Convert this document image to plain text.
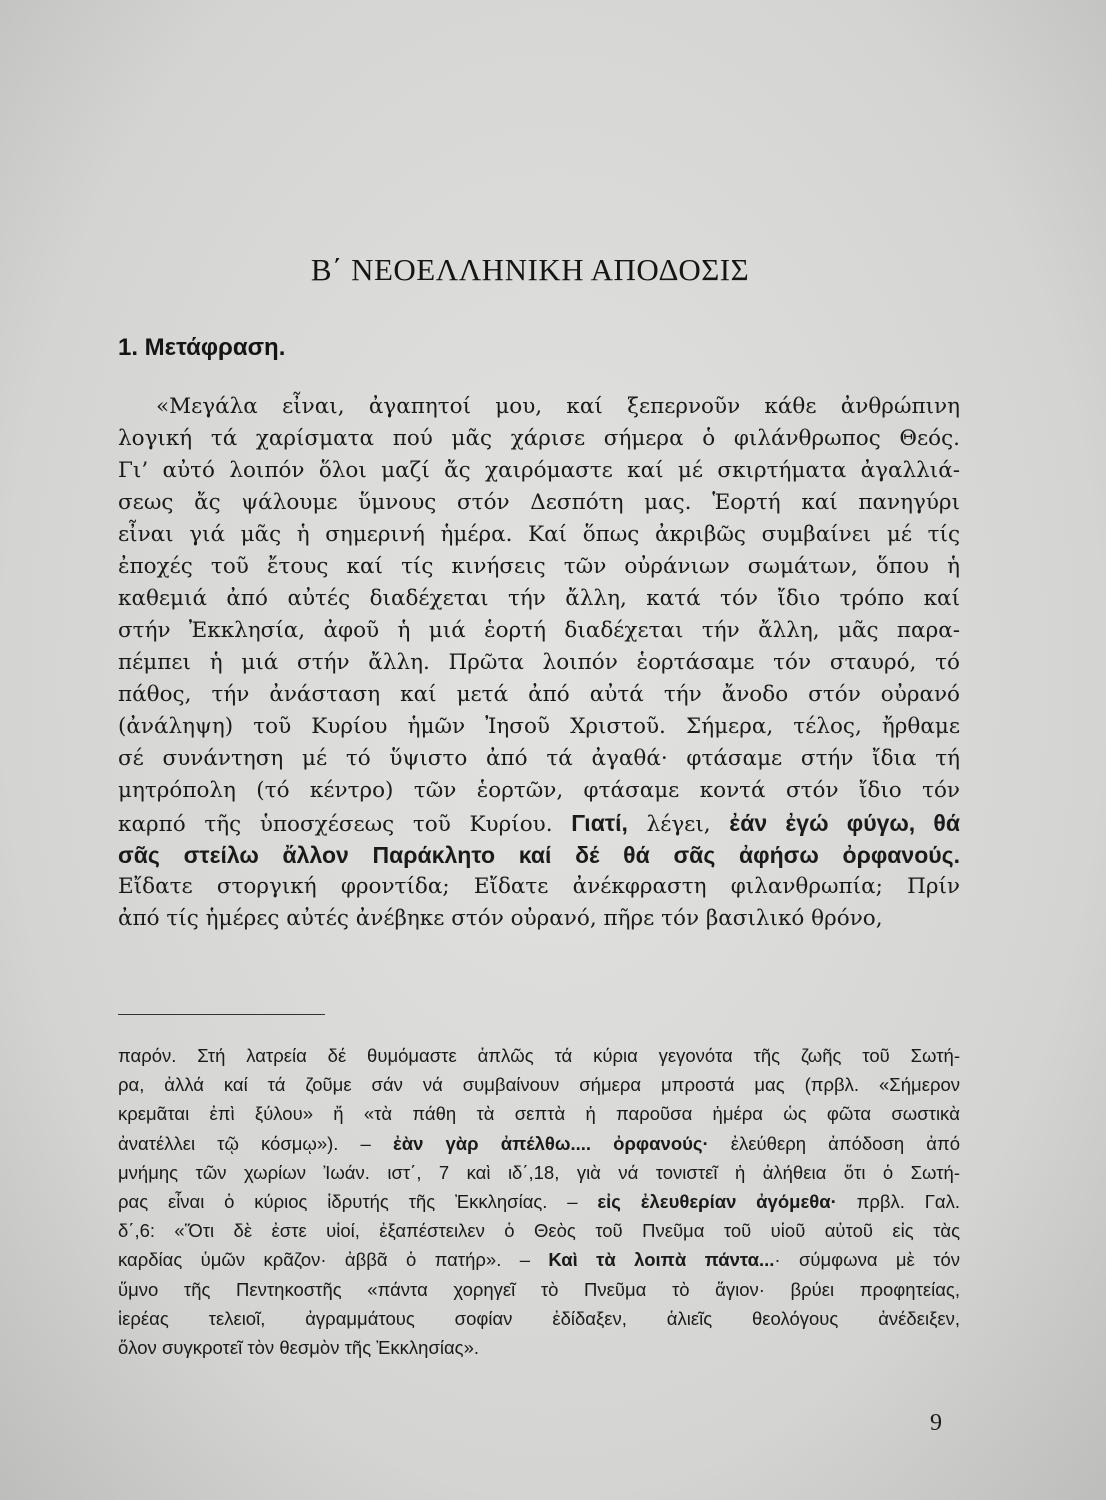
Β΄ ΝΕΟΕΛΛΗΝΙΚΗ ΑΠΟΔΟΣΙΣ
1. Μετάφραση.
«Μεγάλα εἶναι, ἀγαπητοί μου, καί ξεπερνοῦν κάθε ἀνθρώπινη
λογική τά χαρίσματα πού μᾶς χάρισε σήμερα ὁ φιλάνθρωπος Θεός.
Γι’ αὐτό λοιπόν ὅλοι μαζί ἄς χαιρόμαστε καί μέ σκιρτήματα ἀγαλλιά-
σεως ἄς ψάλουμε ὕμνους στόν Δεσπότη μας. Ἑορτή καί πανηγύρι
εἶναι γιά μᾶς ἡ σημερινή ἡμέρα. Καί ὅπως ἀκριβῶς συμβαίνει μέ τίς
ἐποχές τοῦ ἔτους καί τίς κινήσεις τῶν οὐράνιων σωμάτων, ὅπου ἡ
καθεμιά ἀπό αὐτές διαδέχεται τήν ἄλλη, κατά τόν ἴδιο τρόπο καί
στήν Ἐκκλησία, ἀφοῦ ἡ μιά ἑορτή διαδέχεται τήν ἄλλη, μᾶς παρα-
πέμπει ἡ μιά στήν ἄλλη. Πρῶτα λοιπόν ἑορτάσαμε τόν σταυρό, τό
πάθος, τήν ἀνάσταση καί μετά ἀπό αὐτά τήν ἄνοδο στόν οὐρανό
(ἀνάληψη) τοῦ Κυρίου ἡμῶν Ἰησοῦ Χριστοῦ. Σήμερα, τέλος, ἤρθαμε
σέ συνάντηση μέ τό ὕψιστο ἀπό τά ἀγαθά· φτάσαμε στήν ἴδια τή
μητρόπολη (τό κέντρο) τῶν ἑορτῶν, φτάσαμε κοντά στόν ἴδιο τόν
καρπό τῆς ὑποσχέσεως τοῦ Κυρίου. Γιατί, λέγει, ἐάν ἐγώ φύγω, θά
σᾶς στείλω ἄλλον Παράκλητο καί δέ θά σᾶς ἀφήσω ὀρφανούς.
Εἴδατε στοργική φροντίδα; Εἴδατε ἀνέκφραστη φιλανθρωπία; Πρίν
ἀπό τίς ἡμέρες αὐτές ἀνέβηκε στόν οὐρανό, πῆρε τόν βασιλικό θρόνο,
παρόν. Στή λατρεία δέ θυμόμαστε ἁπλῶς τά κύρια γεγονότα τῆς ζωῆς τοῦ Σωτή-
ρα, ἀλλά καί τά ζοῦμε σάν νά συμβαίνουν σήμερα μπροστά μας (πρβλ. «Σήμερον
κρεμᾶται ἐπὶ ξύλου» ἤ «τὰ πάθη τὰ σεπτὰ ἡ παροῦσα ἡμέρα ὡς φῶτα σωστικὰ
ἀνατέλλει τῷ κόσμῳ»). – ἐὰν γὰρ ἀπέλθω.... ὀρφανούς· ἐλεύθερη ἀπόδοση ἀπό
μνήμης τῶν χωρίων Ἰωάν. ιστ΄, 7 καὶ ιδ΄,18, γιὰ νά τονιστεῖ ἡ ἀλήθεια ὅτι ὁ Σωτή-
ρας εἶναι ὁ κύριος ἱδρυτής τῆς Ἐκκλησίας. – εἰς ἐλευθερίαν ἀγόμεθα· πρβλ. Γαλ.
δ΄,6: «Ὅτι δὲ ἐστε υἱοί, ἐξαπέστειλεν ὁ Θεὸς τοῦ Πνεῦμα τοῦ υἱοῦ αὐτοῦ εἰς τὰς
καρδίας ὑμῶν κρᾶζον· ἀββᾶ ὁ πατήρ». – Καὶ τὰ λοιπὰ πάντα...· σύμφωνα μὲ τόν
ὕμνο τῆς Πεντηκοστῆς «πάντα χορηγεῖ τὸ Πνεῦμα τὸ ἅγιον· βρύει προφητείας,
ἱερέας τελειοῖ, ἀγραμμάτους σοφίαν ἐδίδαξεν, ἁλιεῖς θεολόγους ἀνέδειξεν,
ὅλον συγκροτεῖ τὸν θεσμὸν τῆς Ἐκκλησίας».
9
